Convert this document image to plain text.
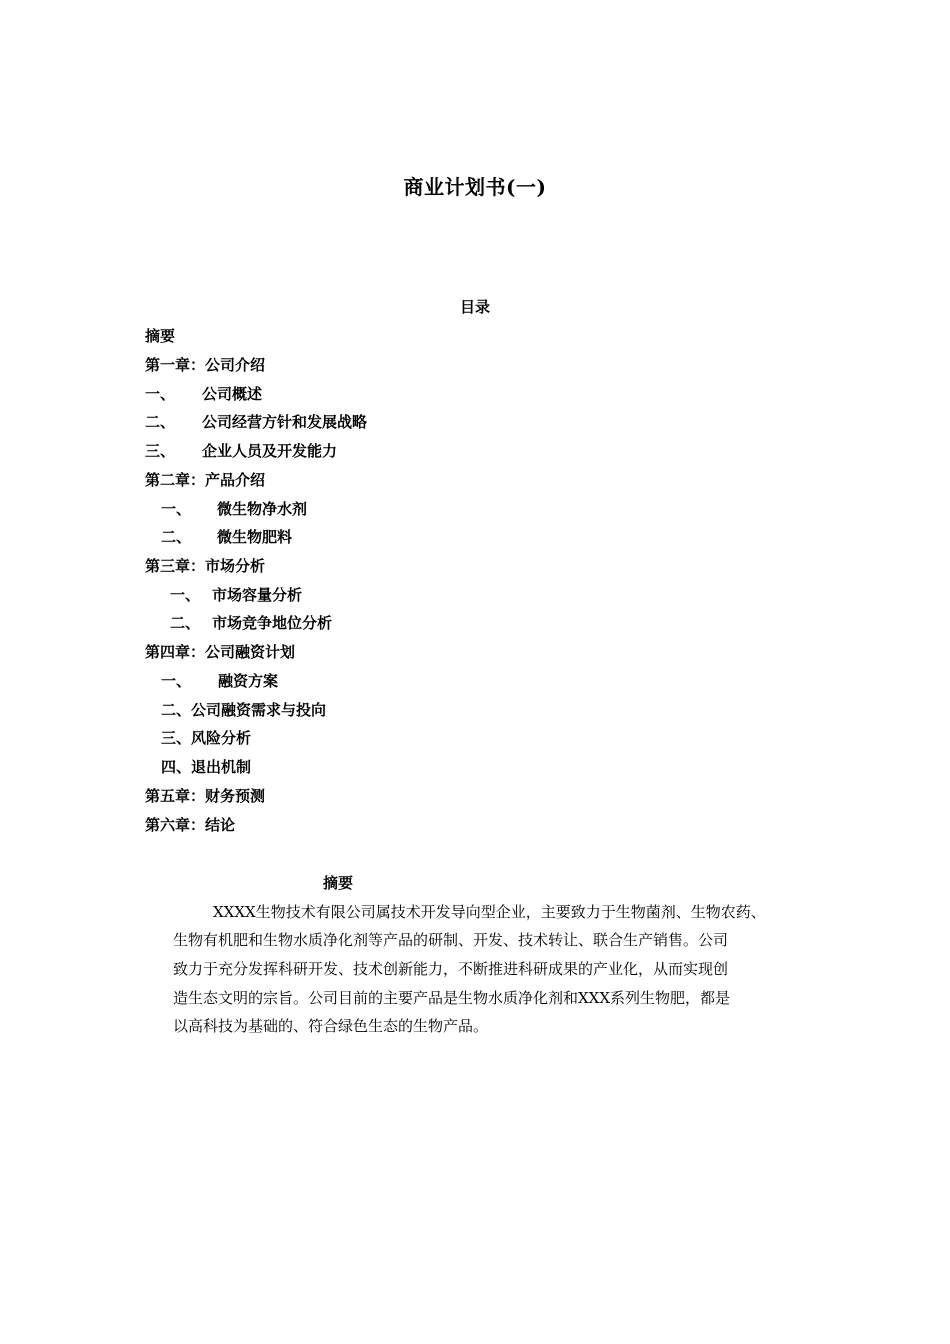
商业计划书(一)
目录
摘要
第一章：公司介绍
一、 公司概述
二、 公司经营方针和发展战略
三、 企业人员及开发能力
第二章：产品介绍
一、 微生物净水剂
二、 微生物肥料
第三章：市场分析
一、 市场容量分析
二、 市场竞争地位分析
第四章：公司融资计划
一、 融资方案
二、公司融资需求与投向
三、风险分析
四、退出机制
第五章：财务预测
第六章：结论
摘要
XXXX生物技术有限公司属技术开发导向型企业，主要致力于生物菌剂、生物农药、
生物有机肥和生物水质净化剂等产品的研制、开发、技术转让、联合生产销售。公司
致力于充分发挥科研开发、技术创新能力，不断推进科研成果的产业化，从而实现创
造生态文明的宗旨。公司目前的主要产品是生物水质净化剂和XXX系列生物肥，都是
以高科技为基础的、符合绿色生态的生物产品。
